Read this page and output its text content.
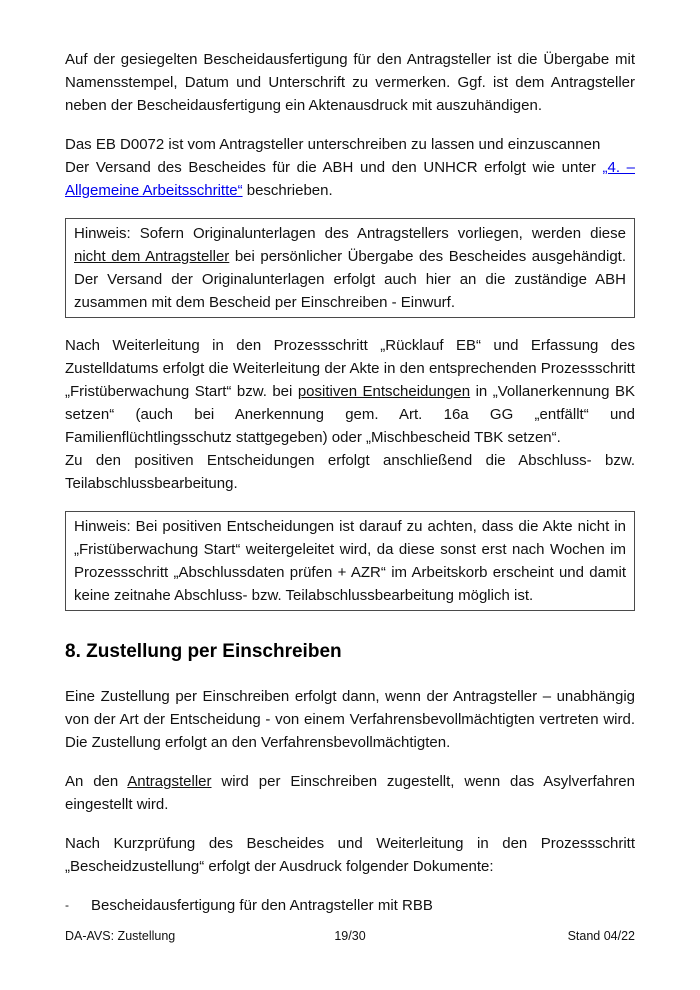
Auf der gesiegelten Bescheidausfertigung für den Antragsteller ist die Übergabe mit Namensstempel, Datum und Unterschrift zu vermerken. Ggf. ist dem Antragsteller neben der Bescheidausfertigung ein Aktenausdruck mit auszuhändigen.

Das EB D0072 ist vom Antragsteller unterschreiben zu lassen und einzuscannen
Der Versand des Bescheides für die ABH und den UNHCR erfolgt wie unter „4. – Allgemeine Arbeitsschritte“ beschrieben.

Hinweis: Sofern Originalunterlagen des Antragstellers vorliegen, werden diese nicht dem Antragsteller bei persönlicher Übergabe des Bescheides ausgehändigt. Der Versand der Originalunterlagen erfolgt auch hier an die zuständige ABH zusammen mit dem Bescheid per Einschreiben - Einwurf.

Nach Weiterleitung in den Prozessschritt „Rücklauf EB“ und Erfassung des Zustelldatums erfolgt die Weiterleitung der Akte in den entsprechenden Prozessschritt „Fristüberwachung Start“ bzw. bei positiven Entscheidungen in „Vollanerkennung BK setzen“ (auch bei Anerkennung gem. Art. 16a GG „entfällt“ und Familienflüchtlingsschutz stattgegeben) oder „Mischbescheid TBK setzen“.
Zu den positiven Entscheidungen erfolgt anschließend die Abschluss- bzw. Teilabschlussbearbeitung.

Hinweis: Bei positiven Entscheidungen ist darauf zu achten, dass die Akte nicht in „Fristüberwachung Start“ weitergeleitet wird, da diese sonst erst nach Wochen im Prozessschritt „Abschlussdaten prüfen + AZR“ im Arbeitskorb erscheint und damit keine zeitnahe Abschluss- bzw. Teilabschlussbearbeitung möglich ist.
8. Zustellung per Einschreiben

Eine Zustellung per Einschreiben erfolgt dann, wenn der Antragsteller – unabhängig von der Art der Entscheidung - von einem Verfahrensbevollmächtigten vertreten wird. Die Zustellung erfolgt an den Verfahrensbevollmächtigten.

An den Antragsteller wird per Einschreiben zugestellt, wenn das Asylverfahren eingestellt wird.

Nach Kurzprüfung des Bescheides und Weiterleitung in den Prozessschritt „Bescheidzustellung“ erfolgt der Ausdruck folgender Dokumente:

-	Bescheidausfertigung für den Antragsteller mit RBB
DA-AVS: Zustellung	19/30	Stand 04/22
